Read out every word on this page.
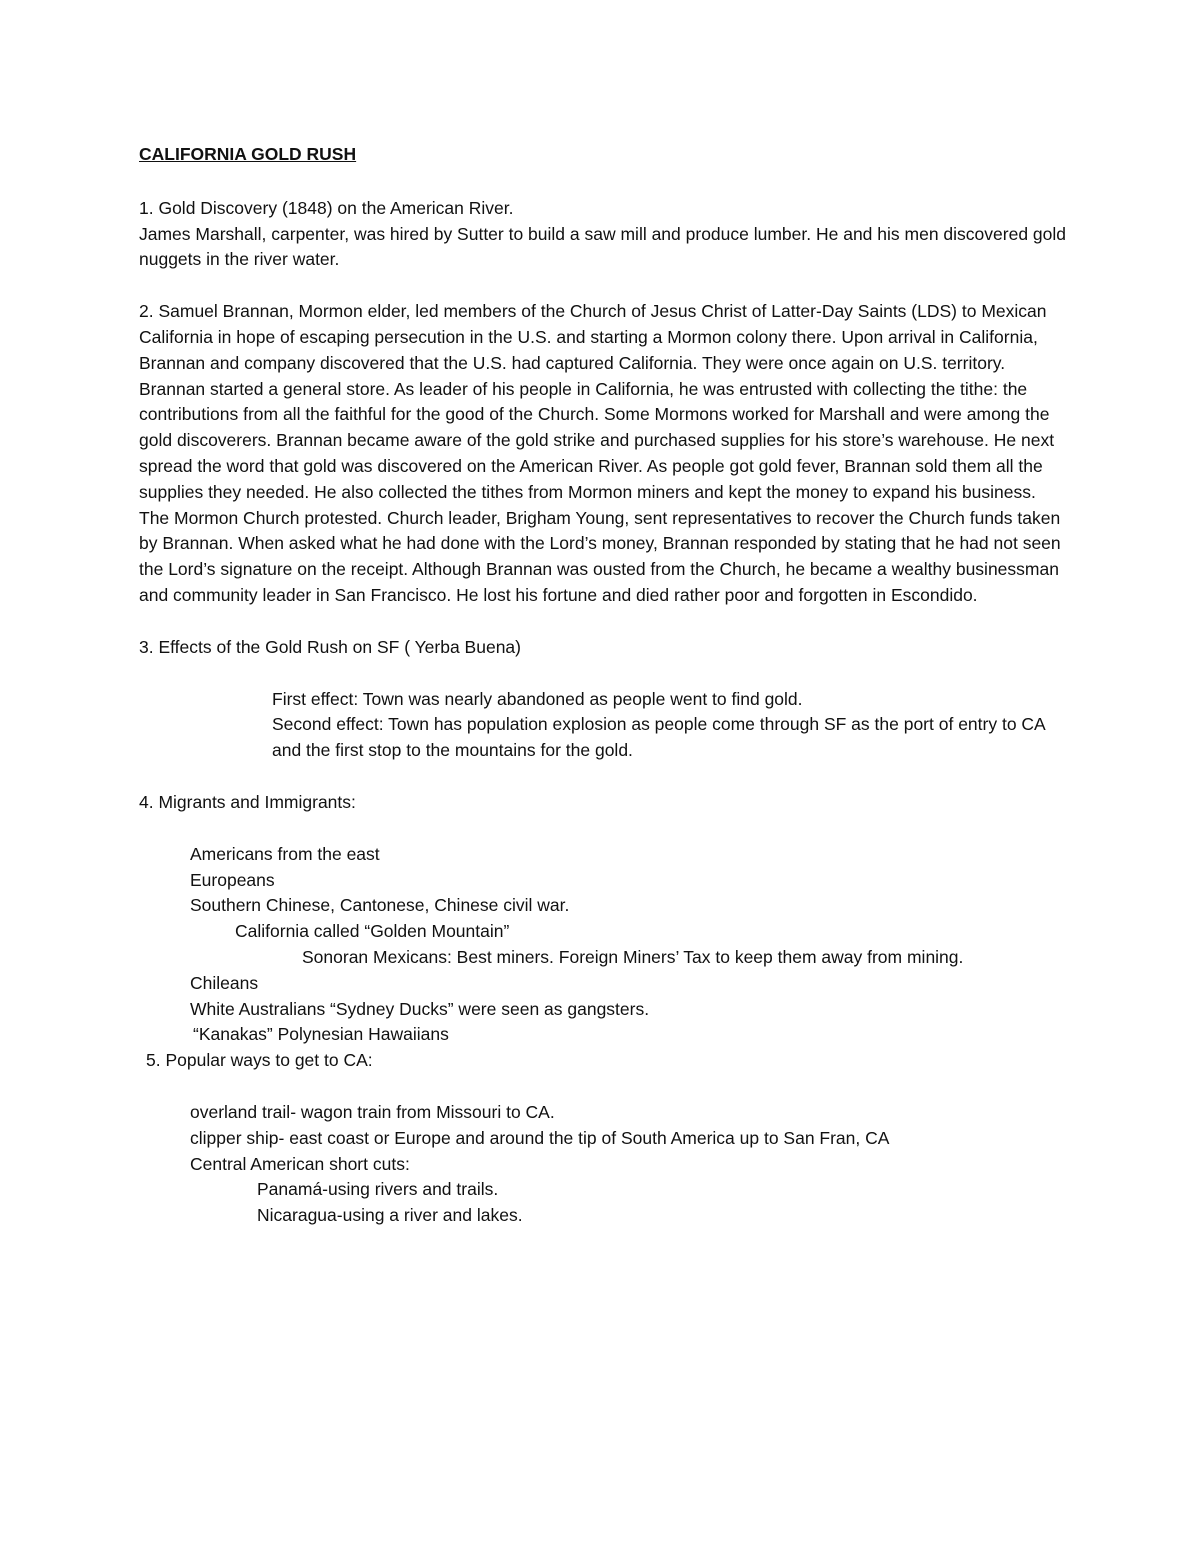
CALIFORNIA GOLD RUSH

1. Gold Discovery (1848) on the American River.

James Marshall, carpenter, was hired by Sutter to build a saw mill and produce lumber. He and his men discovered gold nuggets in the river water.

2. Samuel Brannan, Mormon elder, led members of the Church of Jesus Christ of Latter-Day Saints (LDS) to Mexican California in hope of escaping persecution in the U.S. and starting a Mormon colony there. Upon arrival in California, Brannan and company discovered that the U.S. had captured California. They were once again on U.S. territory. Brannan started a general store. As leader of his people in California, he was entrusted with collecting the tithe: the contributions from all the faithful for the good of the Church. Some Mormons worked for Marshall and were among the gold discoverers. Brannan became aware of the gold strike and purchased supplies for his store’s warehouse. He next spread the word that gold was discovered on the American River. As people got gold fever, Brannan sold them all the supplies they needed. He also collected the tithes from Mormon miners and kept the money to expand his business. The Mormon Church protested. Church leader, Brigham Young, sent representatives to recover the Church funds taken by Brannan. When asked what he had done with the Lord’s money, Brannan responded by stating that he had not seen the Lord’s signature on the receipt. Although Brannan was ousted from the Church, he became a wealthy businessman and community leader in San Francisco. He lost his fortune and died rather poor and forgotten in Escondido.

3. Effects of the Gold Rush on SF ( Yerba Buena)

First effect: Town was nearly abandoned as people went to find gold.

Second effect: Town has population explosion as people come through SF as the port of entry to CA and the first stop to the mountains for the gold.

4. Migrants and Immigrants:

Americans from the east

Europeans

Southern Chinese, Cantonese, Chinese civil war.

California called “Golden Mountain”

Sonoran Mexicans: Best miners. Foreign Miners’ Tax to keep them away from mining.

Chileans

White Australians “Sydney Ducks” were seen as gangsters.

“Kanakas” Polynesian Hawaiians

5. Popular ways to get to CA:

overland trail- wagon train from Missouri to CA.

clipper ship- east coast or Europe and around the tip of South America up to San Fran, CA

Central American short cuts:

Panamá-using rivers and trails.

Nicaragua-using a river and lakes.
